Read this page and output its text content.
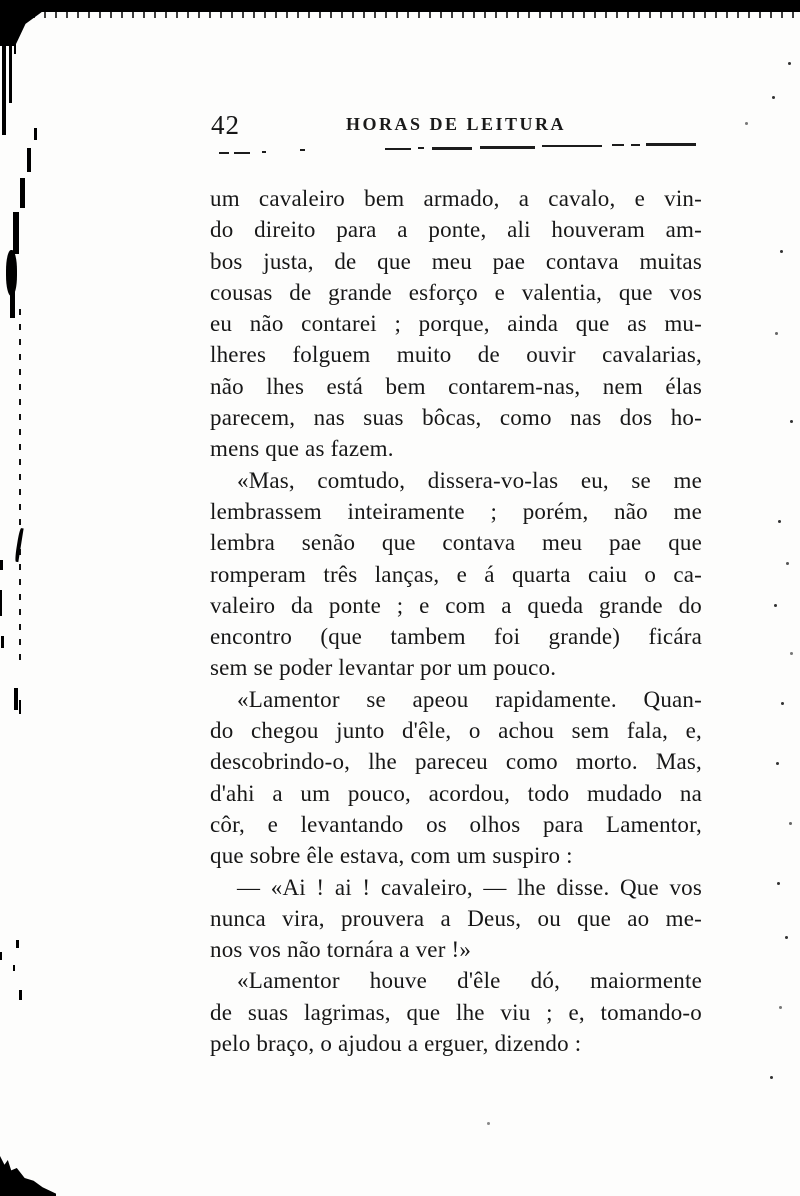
42	HORAS DE LEITURA
um cavaleiro bem armado, a cavalo, e vin-
do direito para a ponte, ali houveram am-
bos justa, de que meu pae contava muitas
cousas de grande esforço e valentia, que vos
eu não contarei ; porque, ainda que as mu-
lheres folguem muito de ouvir cavalarias,
não lhes está bem contarem-nas, nem élas
parecem, nas suas bôcas, como nas dos ho-
mens que as fazem.
«Mas, comtudo, dissera-vo-las eu, se me
lembrassem inteiramente ; porém, não me
lembra senão que contava meu pae que
romperam três lanças, e á quarta caiu o ca-
valeiro da ponte ; e com a queda grande do
encontro (que tambem foi grande) ficára
sem se poder levantar por um pouco.
«Lamentor se apeou rapidamente. Quan-
do chegou junto d'êle, o achou sem fala, e,
descobrindo-o, lhe pareceu como morto. Mas,
d'ahi a um pouco, acordou, todo mudado na
côr, e levantando os olhos para Lamentor,
que sobre êle estava, com um suspiro :
— «Ai ! ai ! cavaleiro, — lhe disse. Que vos
nunca vira, prouvera a Deus, ou que ao me-
nos vos não tornára a ver !»
«Lamentor houve d'êle dó, maiormente
de suas lagrimas, que lhe viu ; e, tomando-o
pelo braço, o ajudou a erguer, dizendo :
